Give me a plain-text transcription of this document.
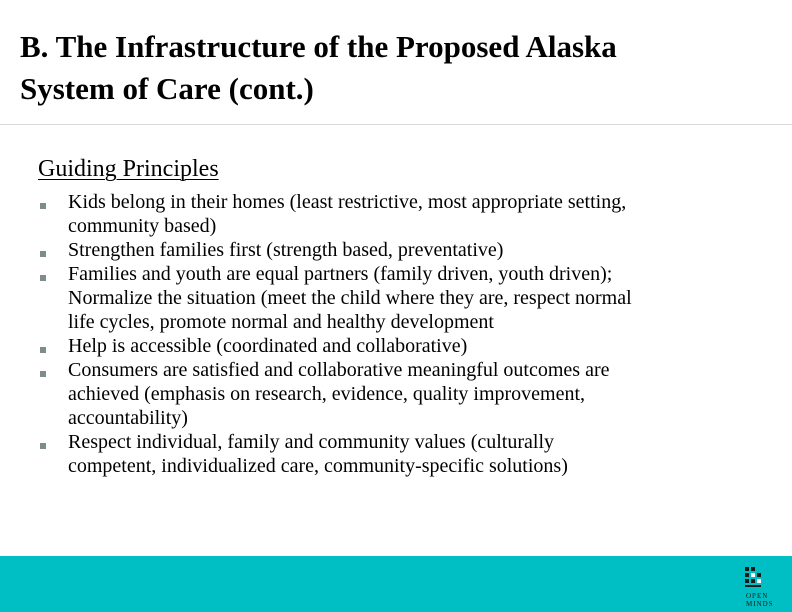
B. The Infrastructure of the Proposed Alaska

System of Care (cont.)

Guiding Principles

Kids belong in their homes (least restrictive, most appropriate setting,
community based)
Strengthen families first (strength based, preventative)
Families and youth are equal partners (family driven, youth driven);
Normalize the situation (meet the child where they are, respect normal
life cycles, promote normal and healthy development
Help is accessible (coordinated and collaborative)
Consumers are satisfied and collaborative meaningful outcomes are
achieved (emphasis on research, evidence, quality improvement,
accountability)
Respect individual, family and community values (culturally
competent, individualized care, community-specific solutions)
OPEN
MINDS
